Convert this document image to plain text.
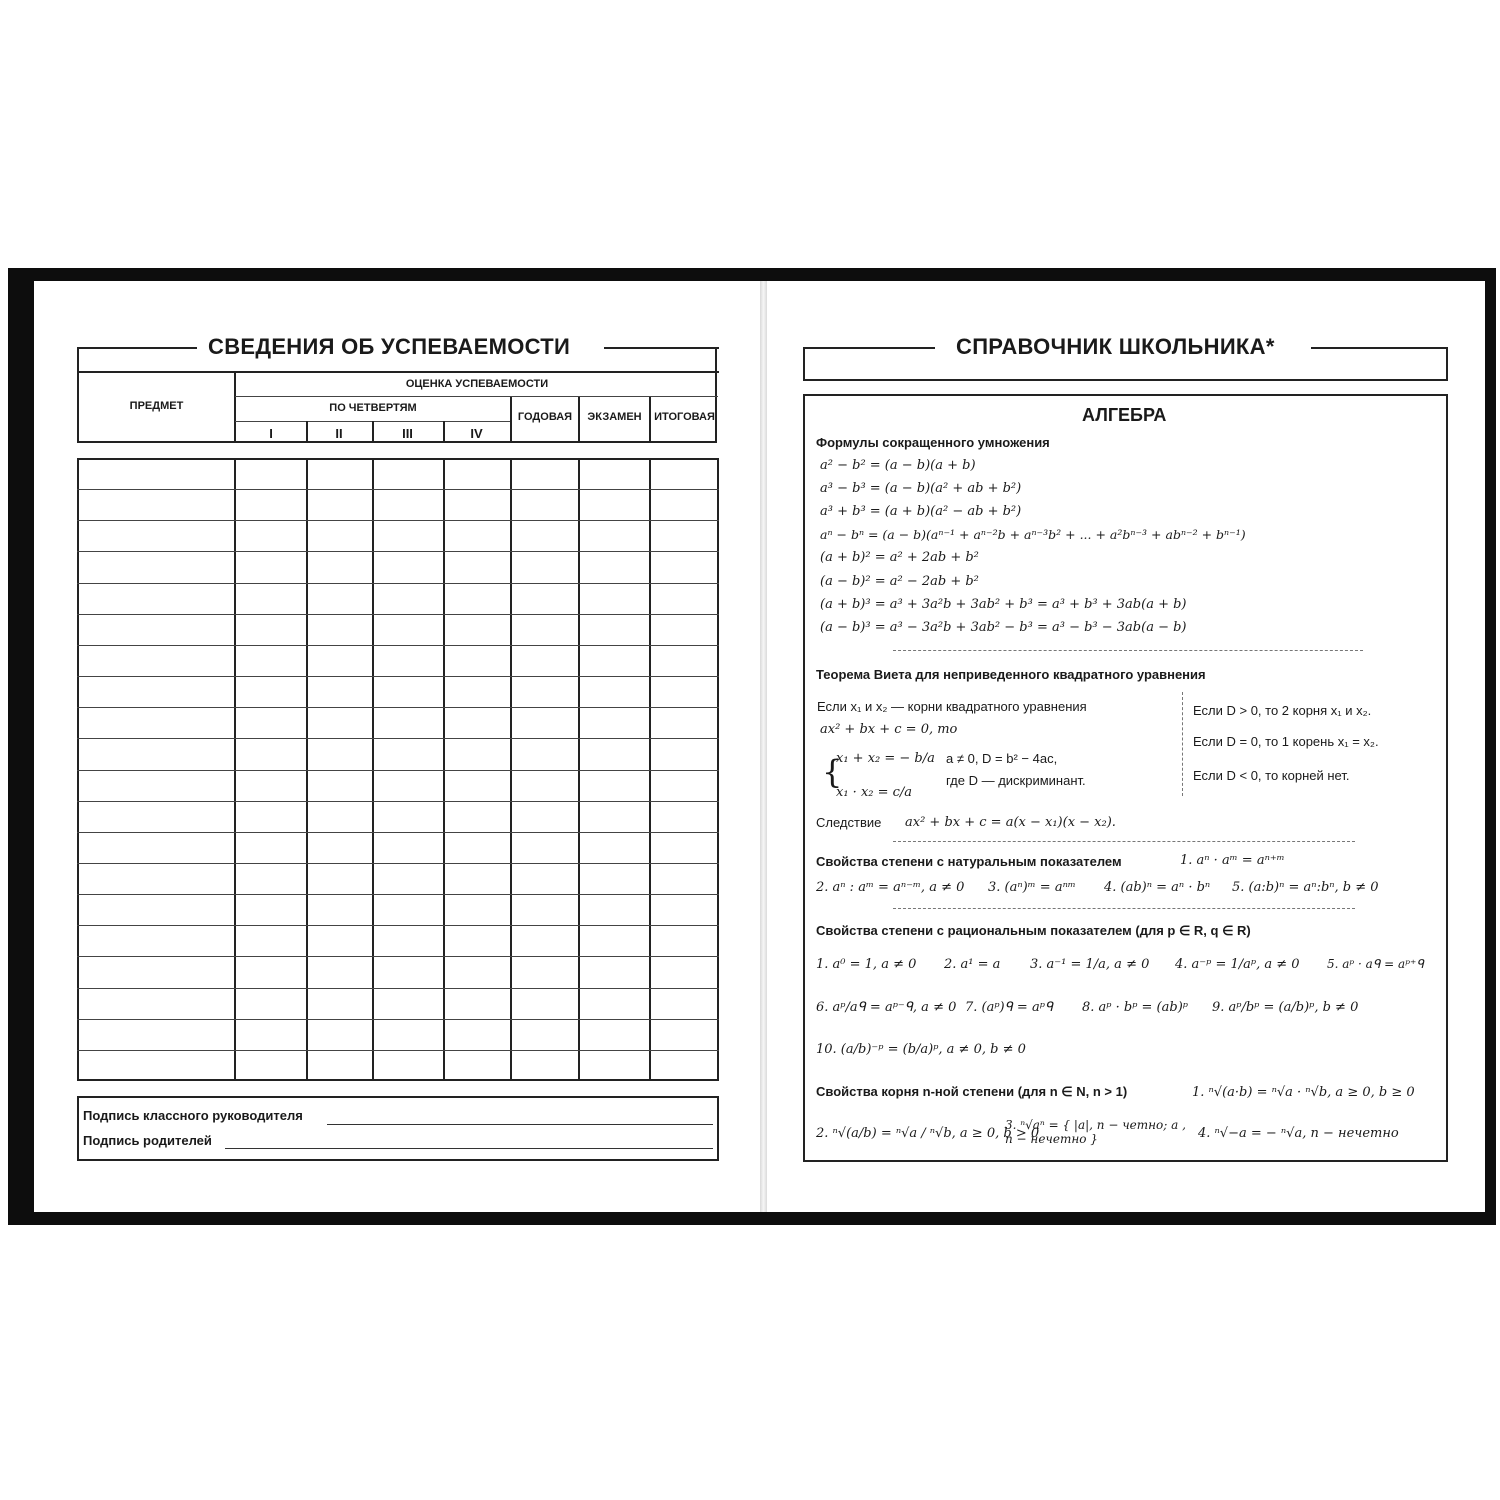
СВЕДЕНИЯ ОБ УСПЕВАЕМОСТИ
ПРЕДМЕТ
ОЦЕНКА УСПЕВАЕМОСТИ
ПО ЧЕТВЕРТЯМ
I	II	III	IV
ГОДОВАЯ	ЭКЗАМЕН	ИТОГОВАЯ
Подпись классного руководителя
Подпись родителей
СПРАВОЧНИК ШКОЛЬНИКА*
АЛГЕБРА
Формулы сокращенного умножения
a² − b² = (a − b)(a + b)
a³ − b³ = (a − b)(a² + ab + b²)
a³ + b³ = (a + b)(a² − ab + b²)
aⁿ − bⁿ = (a − b)(aⁿ⁻¹ + aⁿ⁻²b + aⁿ⁻³b² + ... + a²bⁿ⁻³ + abⁿ⁻² + bⁿ⁻¹)
(a + b)² = a² + 2ab + b²
(a − b)² = a² − 2ab + b²
(a + b)³ = a³ + 3a²b + 3ab² + b³ = a³ + b³ + 3ab(a + b)
(a − b)³ = a³ − 3a²b + 3ab² − b³ = a³ − b³ − 3ab(a − b)
Теорема Виета для неприведенного квадратного уравнения
Если x₁ и x₂ — корни квадратного уравнения
ax² + bx + c = 0, то
{
x₁ + x₂ = − b/a
x₁ · x₂ = c/a
a ≠ 0, D = b² − 4ac,
где D — дискриминант.
Следствие ax² + bx + c = a(x − x₁)(x − x₂).
Если D > 0, то 2 корня x₁ и x₂.
Если D = 0, то 1 корень x₁ = x₂.
Если D < 0, то корней нет.
Свойства степени с натуральным показателем	1. aⁿ · aᵐ = aⁿ⁺ᵐ
2. aⁿ : aᵐ = aⁿ⁻ᵐ, a ≠ 0 3. (aⁿ)ᵐ = aⁿᵐ 4. (ab)ⁿ = aⁿ · bⁿ 5. (a:b)ⁿ = aⁿ:bⁿ, b ≠ 0
Свойства степени с рациональным показателем (для p ∈ R, q ∈ R)
1. a⁰ = 1, a ≠ 0 2. a¹ = a 3. a⁻¹ = 1/a, a ≠ 0 4. a⁻ᵖ = 1/aᵖ, a ≠ 0 5. aᵖ · aᑫ = aᵖ⁺ᑫ
6. aᵖ/aᑫ = aᵖ⁻ᑫ, a ≠ 0 7. (aᵖ)ᑫ = aᵖᑫ 8. aᵖ · bᵖ = (ab)ᵖ 9. aᵖ/bᵖ = (a/b)ᵖ, b ≠ 0
10. (a/b)⁻ᵖ = (b/a)ᵖ, a ≠ 0, b ≠ 0
Свойства корня n-ной степени (для n ∈ N, n > 1)	1. ⁿ√(a·b) = ⁿ√a · ⁿ√b, a ≥ 0, b ≥ 0
2. ⁿ√(a/b) = ⁿ√a / ⁿ√b, a ≥ 0, b > 0
3. ⁿ√aⁿ = { |a|, n − четно; a , n − нечетно }	4. ⁿ√−a = − ⁿ√a, n − нечетно
